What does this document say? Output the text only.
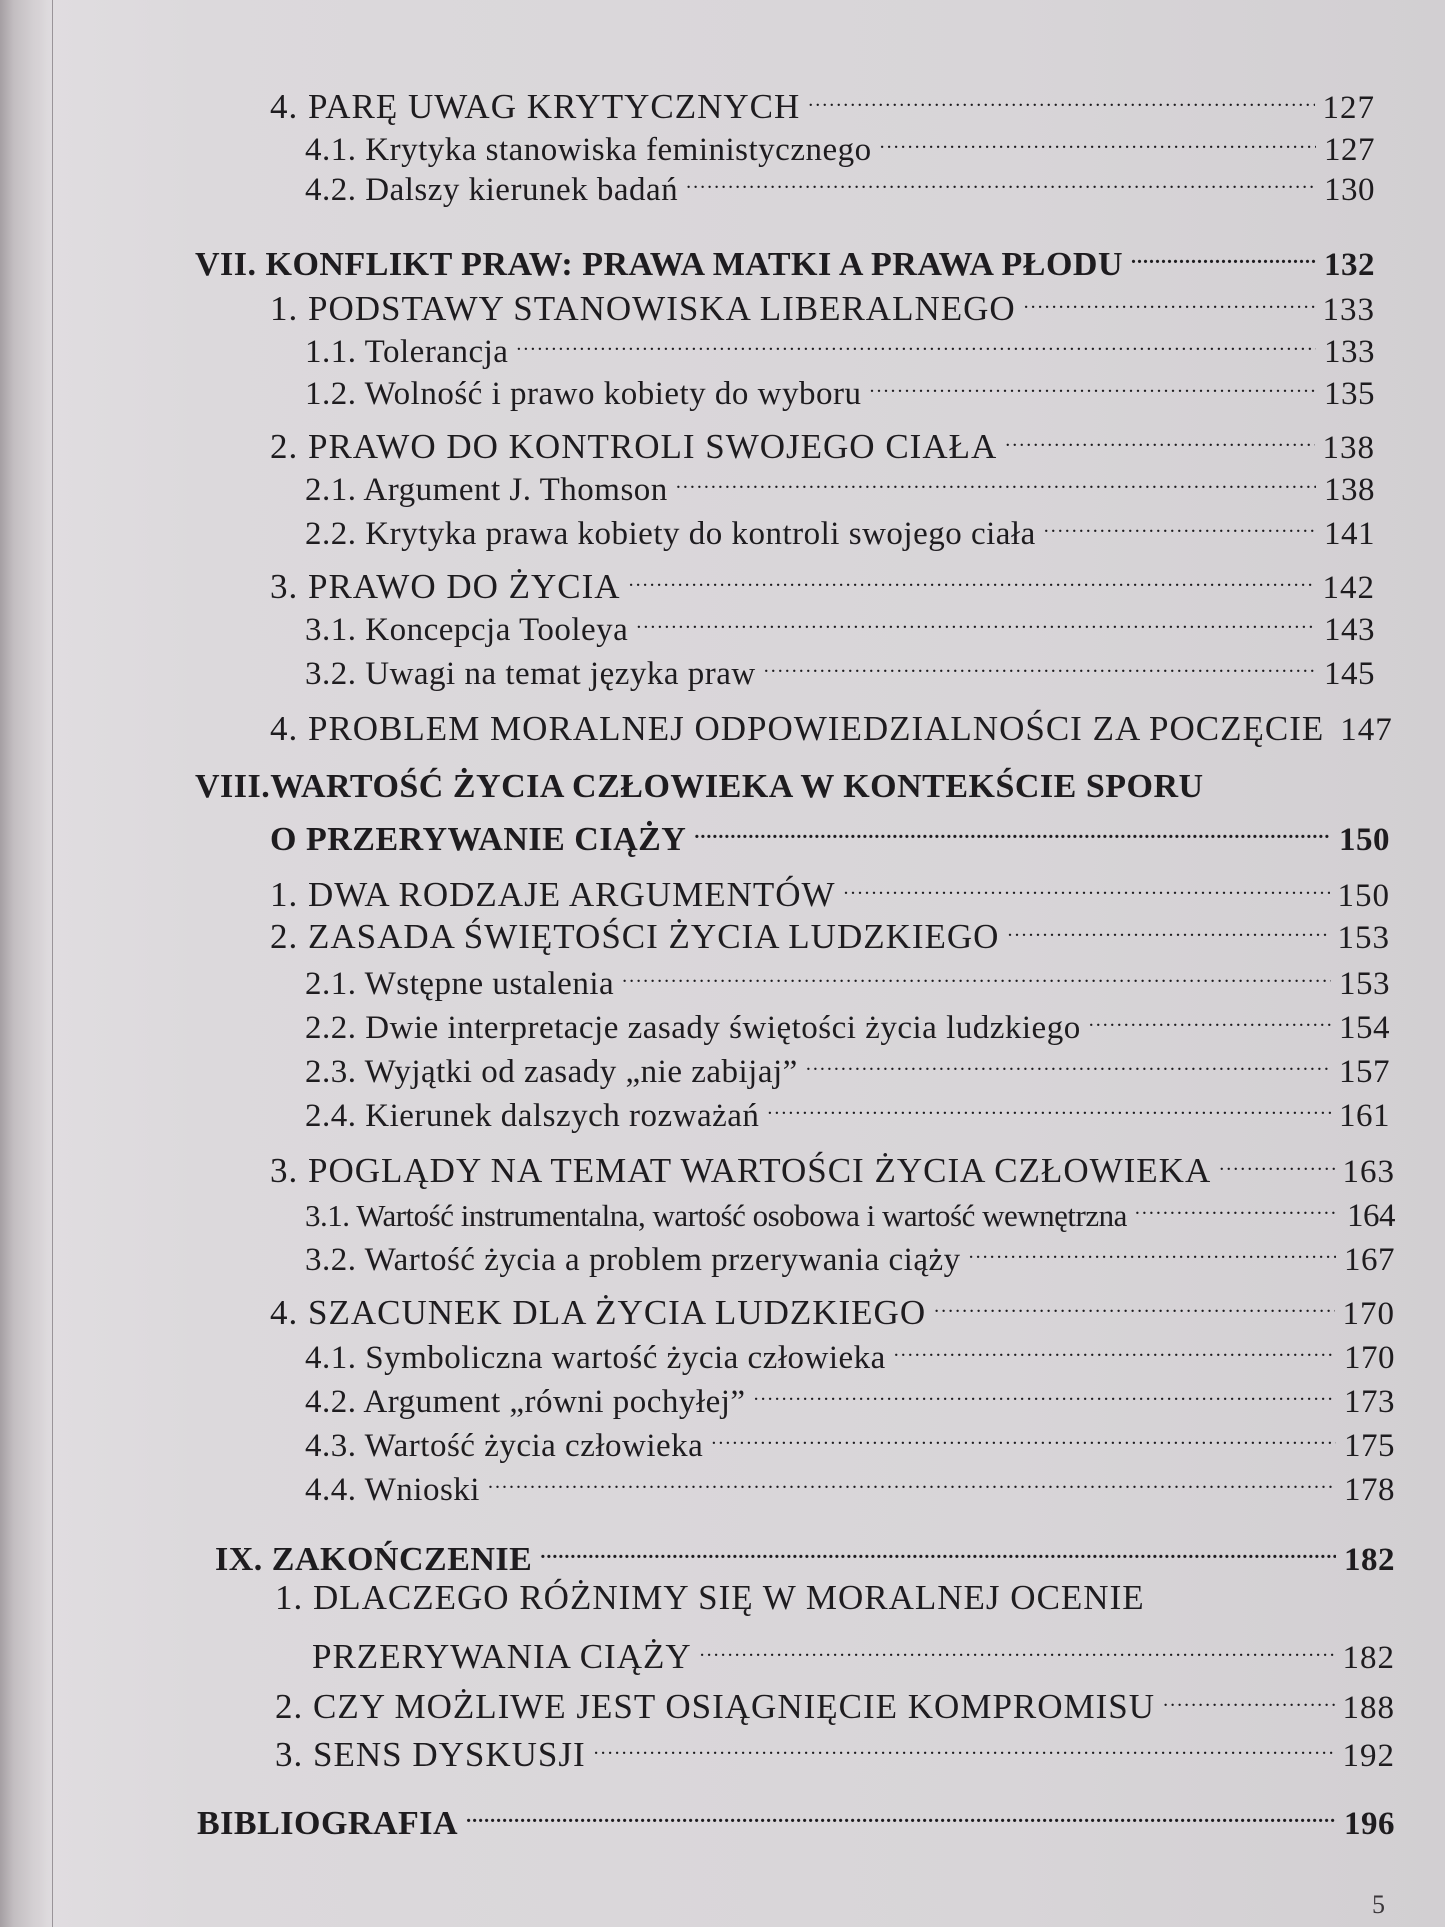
4. PARĘ UWAG KRYTYCZNYCH .....	127
4.1. Krytyka stanowiska feministycznego .....	127
4.2. Dalszy kierunek badań .....	130
VII. KONFLIKT PRAW: PRAWA MATKI A PRAWA PŁODU .....	132
1. PODSTAWY STANOWISKA LIBERALNEGO .....	133
1.1. Tolerancja .....	133
1.2. Wolność i prawo kobiety do wyboru .....	135
2. PRAWO DO KONTROLI SWOJEGO CIAŁA .....	138
2.1. Argument J. Thomson .....	138
2.2. Krytyka prawa kobiety do kontroli swojego ciała .....	141
3. PRAWO DO ŻYCIA .....	142
3.1. Koncepcja Tooleya .....	143
3.2. Uwagi na temat języka praw .....	145
4. PROBLEM MORALNEJ ODPOWIEDZIALNOŚCI ZA POCZĘCIE 147
VIII.WARTOŚĆ ŻYCIA CZŁOWIEKA W KONTEKŚCIE SPORU
O PRZERYWANIE CIĄŻY .....	150
1. DWA RODZAJE ARGUMENTÓW .....	150
2. ZASADA ŚWIĘTOŚCI ŻYCIA LUDZKIEGO .....	153
2.1. Wstępne ustalenia .....	153
2.2. Dwie interpretacje zasady świętości życia ludzkiego .....	154
2.3. Wyjątki od zasady „nie zabijaj” .....	157
2.4. Kierunek dalszych rozważań .....	161
3. POGLĄDY NA TEMAT WARTOŚCI ŻYCIA CZŁOWIEKA .....	163
3.1. Wartość instrumentalna, wartość osobowa i wartość wewnętrzna .....	164
3.2. Wartość życia a problem przerywania ciąży .....	167
4. SZACUNEK DLA ŻYCIA LUDZKIEGO .....	170
4.1. Symboliczna wartość życia człowieka .....	170
4.2. Argument „równi pochyłej” .....	173
4.3. Wartość życia człowieka .....	175
4.4. Wnioski .....	178
IX. ZAKOŃCZENIE .....	182
1. DLACZEGO RÓŻNIMY SIĘ W MORALNEJ OCENIE
PRZERYWANIA CIĄŻY .....	182
2. CZY MOŻLIWE JEST OSIĄGNIĘCIE KOMPROMISU .....	188
3. SENS DYSKUSJI .....	192
BIBLIOGRAFIA .....	196
5
